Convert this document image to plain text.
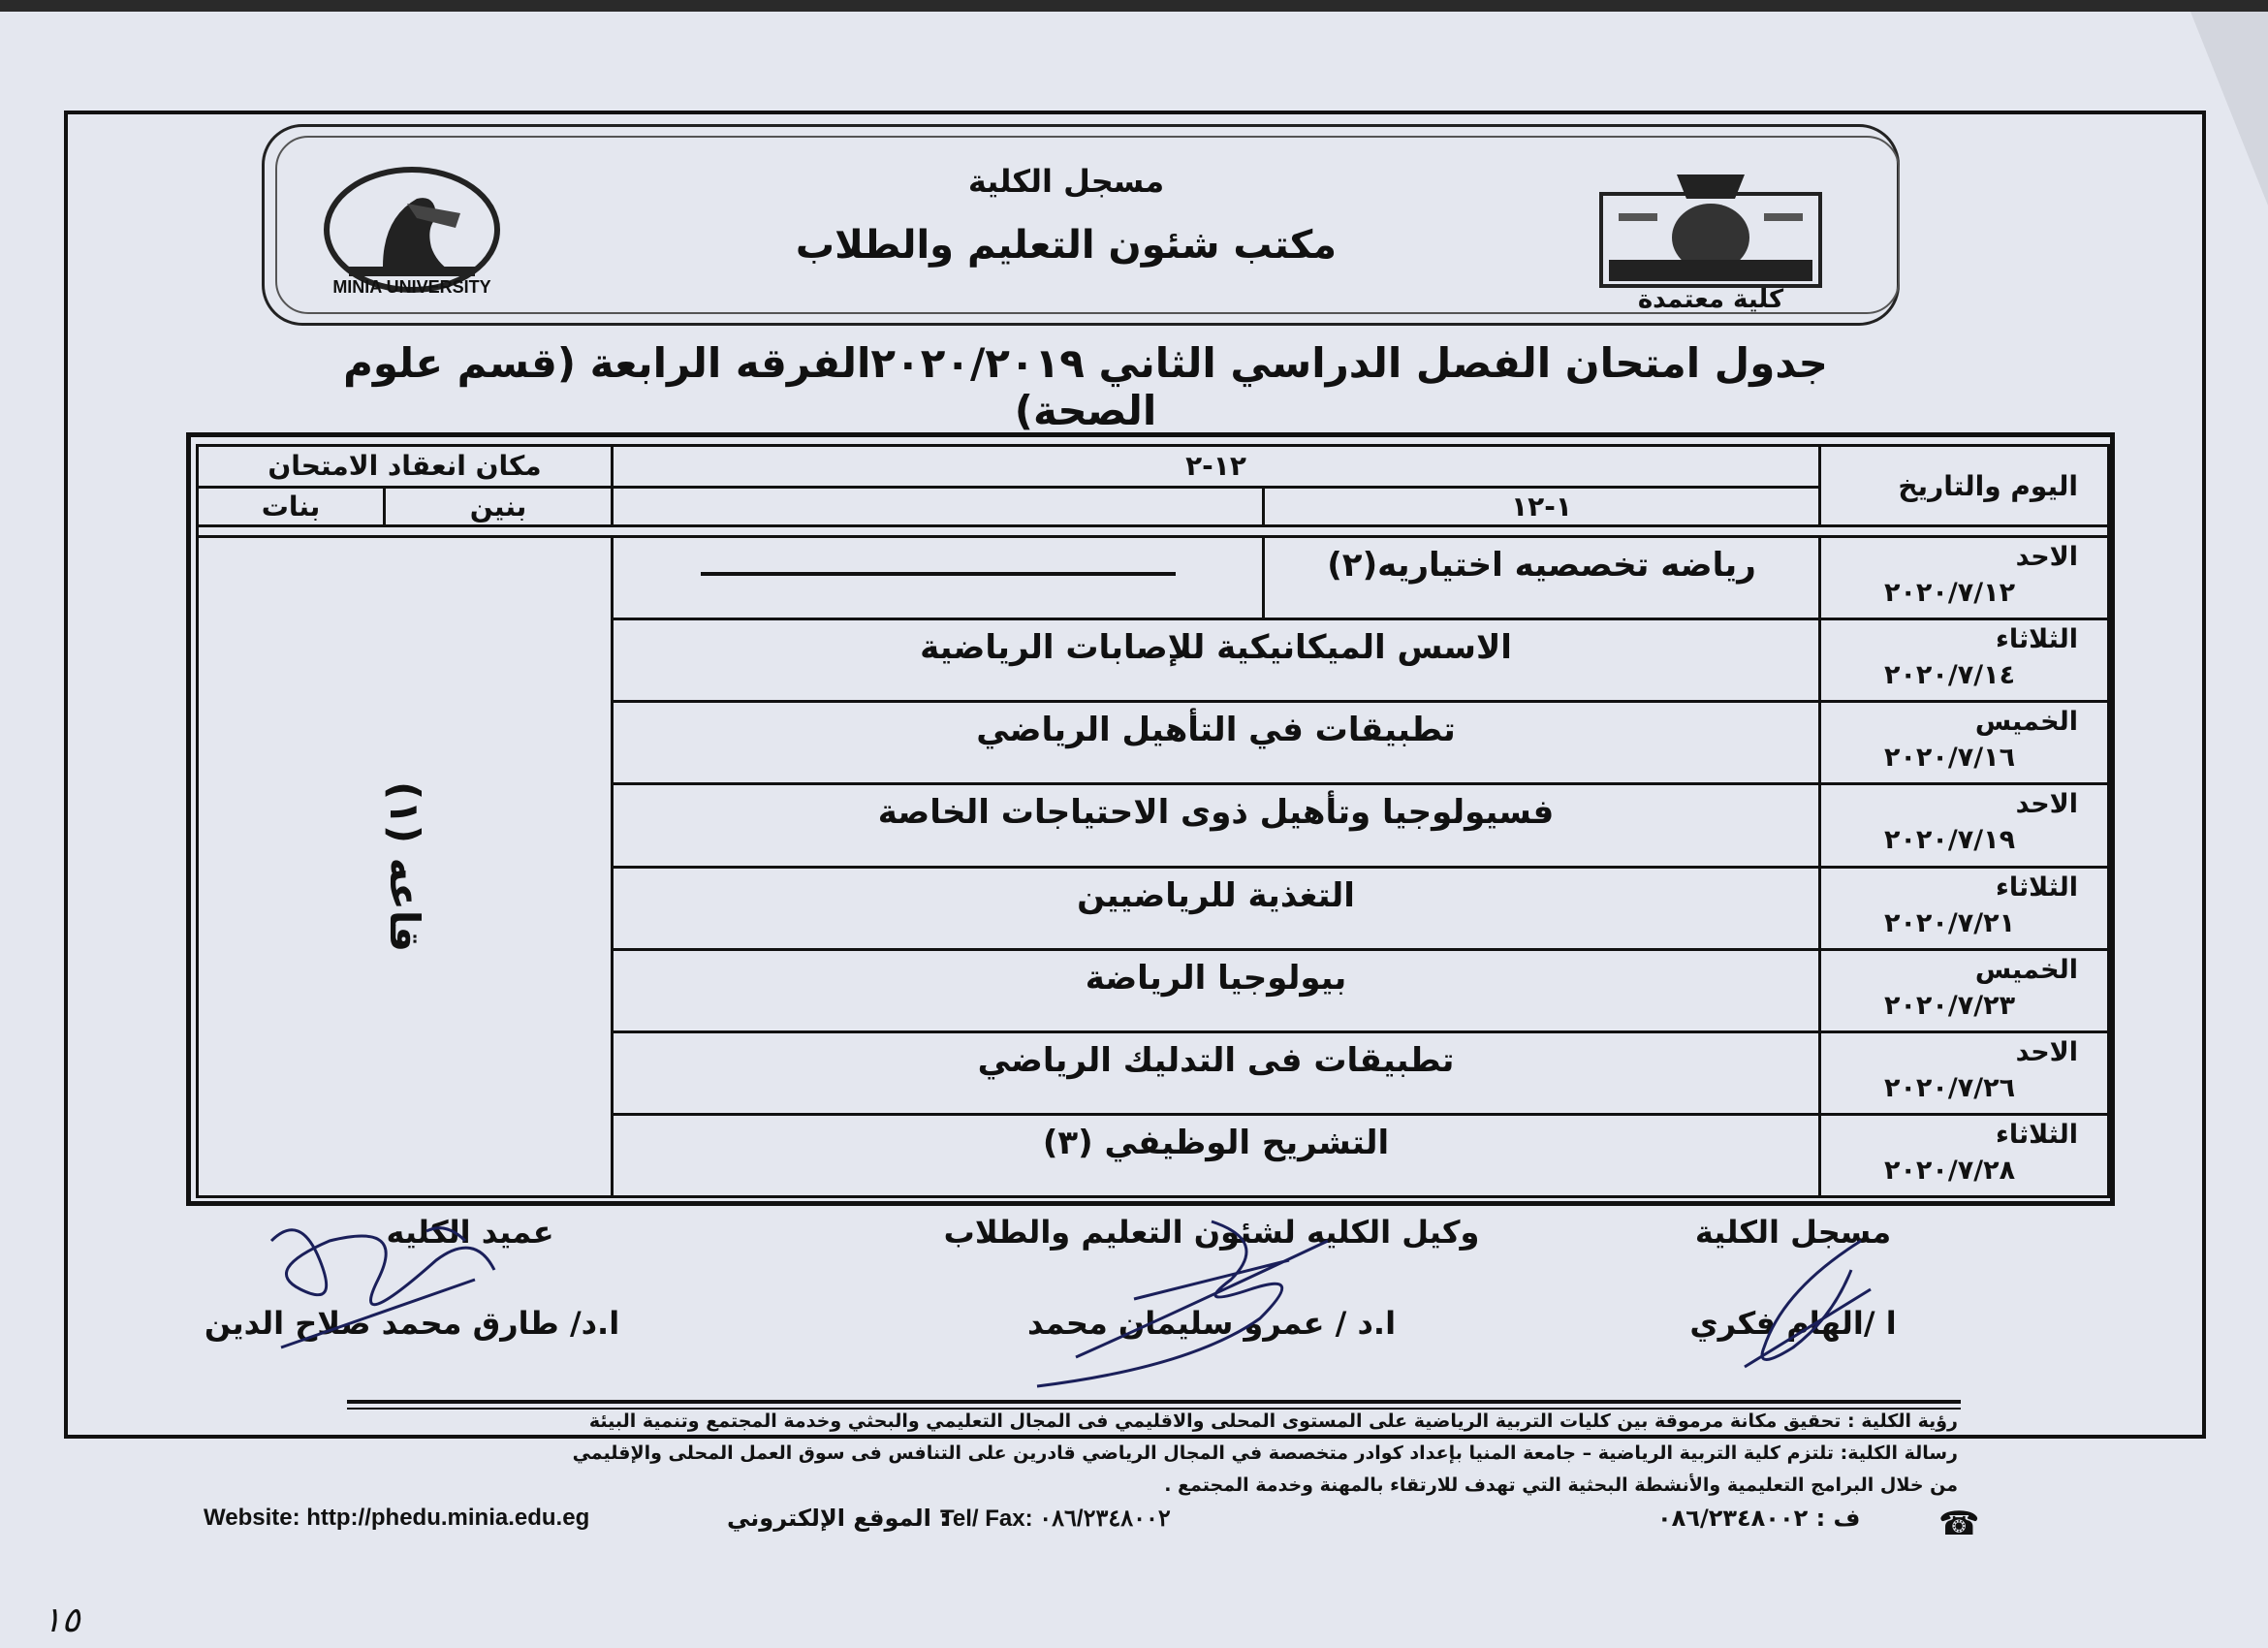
MINIA UNIVERSITY
مسجل الكلية
مكتب شئون التعليم والطلاب
كلية معتمدة
جدول امتحان الفصل الدراسي الثاني ٢٠٢٠/٢٠١٩الفرقه الرابعة (قسم علوم الصحة)
اليوم والتاريخ	١٢-٢		مكان انعقاد الامتحان	
	١-١٢		بنين	بنات

الاحد
٢٠٢٠/٧/١٢	رياضه تخصصيه اختياريه(٢)		قاعه (١)	

الثلاثاء
٢٠٢٠/٧/١٤	الاسس الميكانيكية للإصابات الرياضية			

الخميس
٢٠٢٠/٧/١٦	تطبيقات في التأهيل الرياضي			

الاحد
٢٠٢٠/٧/١٩	فسيولوجيا وتأهيل ذوى الاحتياجات الخاصة			

الثلاثاء
٢٠٢٠/٧/٢١	التغذية للرياضيين			

الخميس
٢٠٢٠/٧/٢٣	بيولوجيا الرياضة			

الاحد
٢٠٢٠/٧/٢٦	تطبيقات فى التدليك الرياضي			

الثلاثاء
٢٠٢٠/٧/٢٨	التشريح الوظيفي (٣)			
مسجل الكلية
ا /الهام فكري
وكيل الكليه لشئون التعليم والطلاب
ا.د / عمرو سليمان محمد
عميد الكليه
ا.د/ طارق محمد صلاح الدين
رؤية الكلية : تحقيق مكانة مرموقة بين كليات التربية الرياضية على المستوى المحلى والاقليمي فى المجال التعليمي والبحثي وخدمة المجتمع وتنمية البيئة
رسالة الكلية: تلتزم كلية التربية الرياضية – جامعة المنيا بإعداد كوادر متخصصة في المجال الرياضي قادرين على التنافس فى سوق العمل المحلى والإقليمي
من خلال البرامج التعليمية والأنشطة البحثية التي تهدف للارتقاء بالمهنة وخدمة المجتمع .
Website: http://phedu.minia.edu.eg	: الموقع الإلكتروني
Tel/ Fax: ٠٨٦/٢٣٤٨٠٠٢	ف : ٠٨٦/٢٣٤٨٠٠٢ ☎
١٥
